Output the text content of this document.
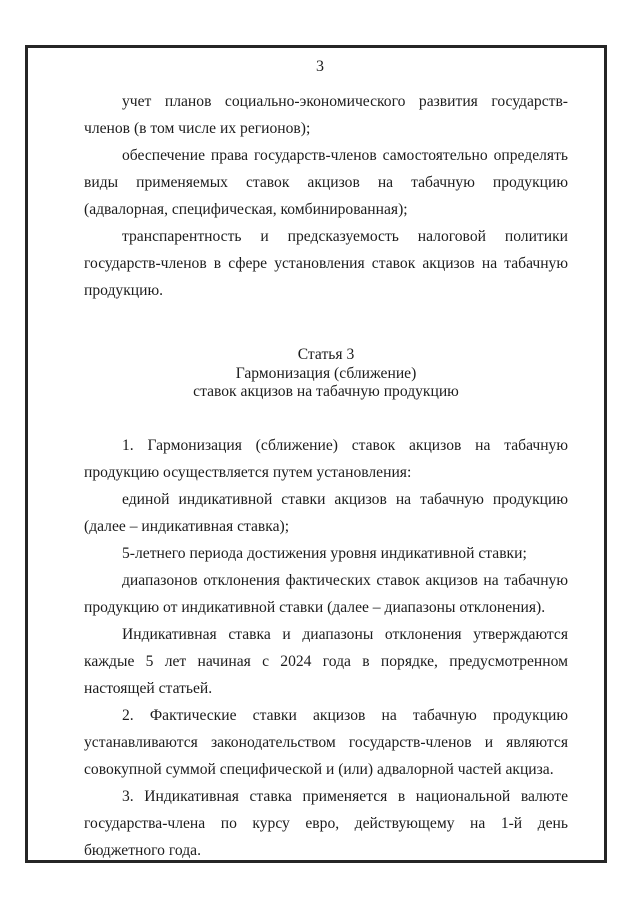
3

учет планов социально-экономического развития государств-членов (в том числе их регионов);

обеспечение права государств-членов самостоятельно определять виды применяемых ставок акцизов на табачную продукцию (адвалорная, специфическая, комбинированная);

транспарентность и предсказуемость налоговой политики государств-членов в сфере установления ставок акцизов на табачную продукцию.

Статья 3
Гармонизация (сближение)
ставок акцизов на табачную продукцию

1. Гармонизация (сближение) ставок акцизов на табачную продукцию осуществляется путем установления:

единой индикативной ставки акцизов на табачную продукцию (далее – индикативная ставка);

5-летнего периода достижения уровня индикативной ставки;

диапазонов отклонения фактических ставок акцизов на табачную продукцию от индикативной ставки (далее – диапазоны отклонения).

Индикативная ставка и диапазоны отклонения утверждаются каждые 5 лет начиная с 2024 года в порядке, предусмотренном настоящей статьей.

2. Фактические ставки акцизов на табачную продукцию устанавливаются законодательством государств-членов и являются совокупной суммой специфической и (или) адвалорной частей акциза.

3. Индикативная ставка применяется в национальной валюте государства-члена по курсу евро, действующему на 1-й день бюджетного года.
